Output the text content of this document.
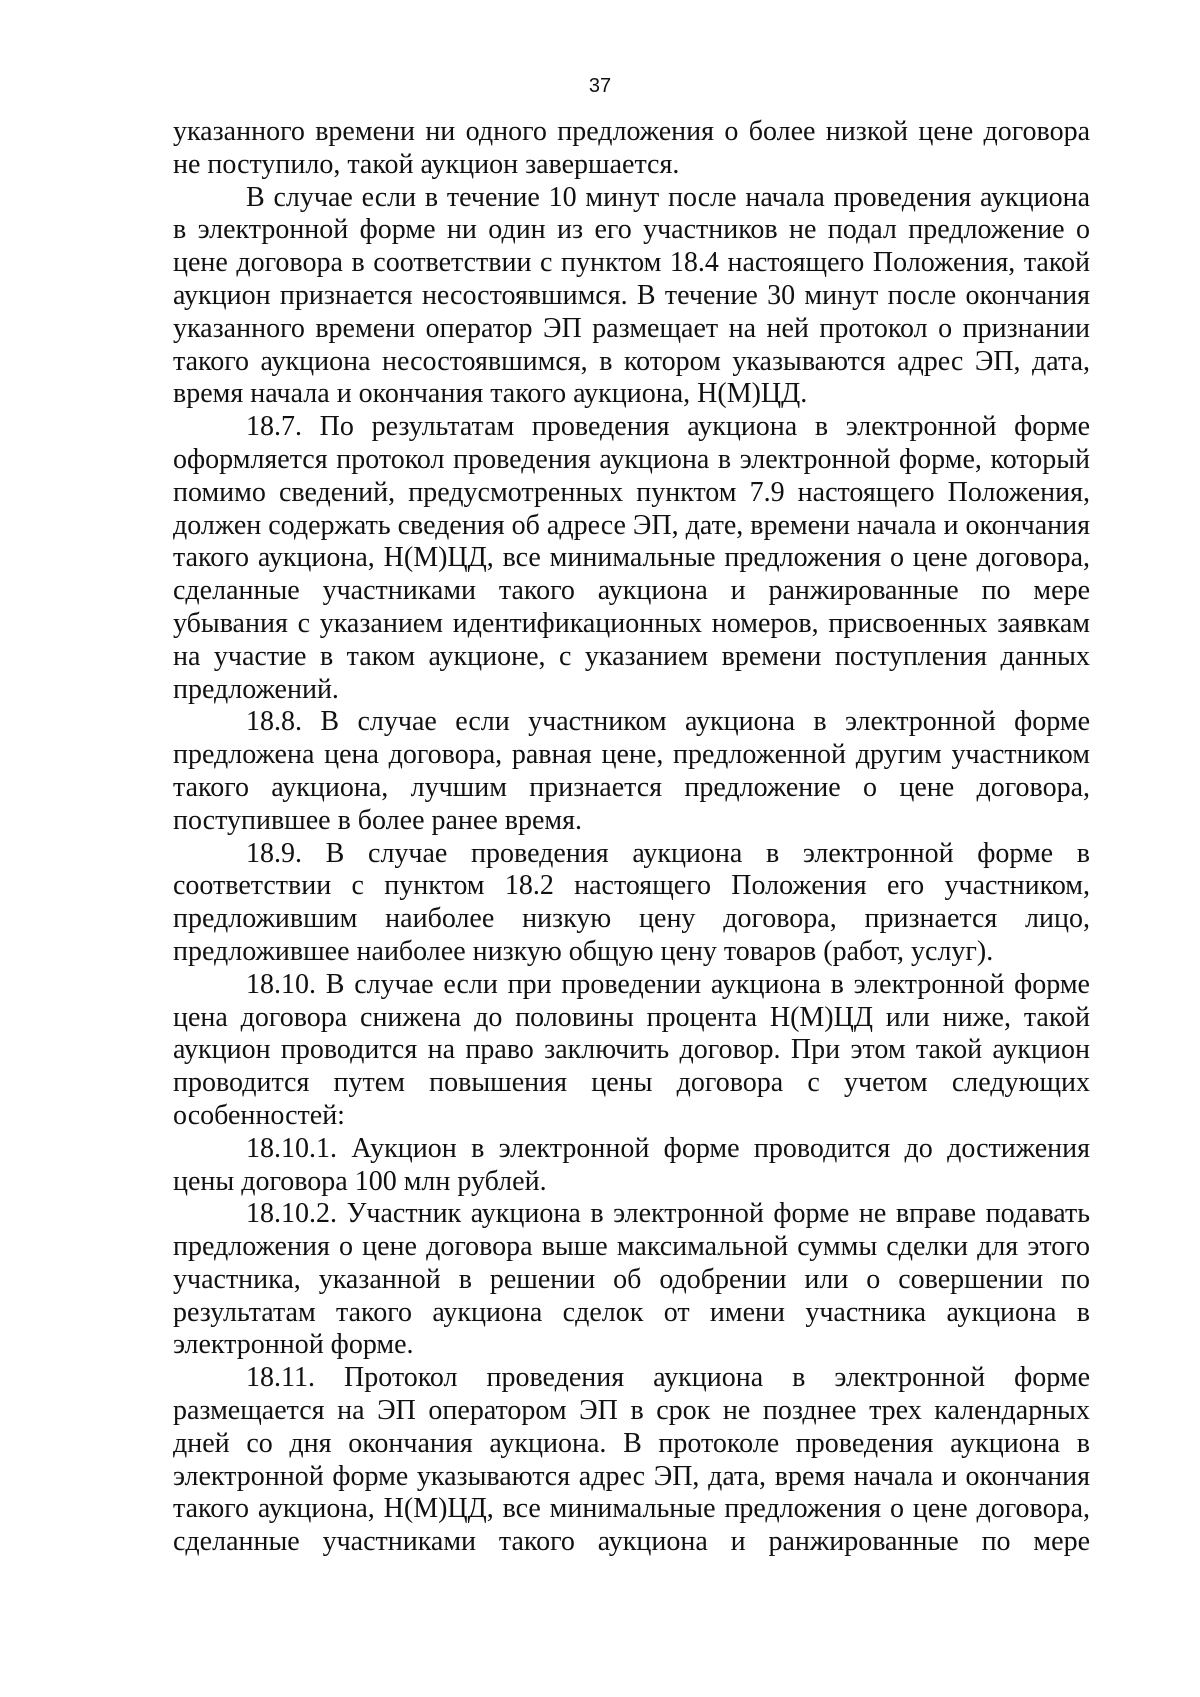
37

указанного времени ни одного предложения о более низкой цене договора не поступило, такой аукцион завершается.

В случае если в течение 10 минут после начала проведения аукциона в электронной форме ни один из его участников не подал предложение о цене договора в соответствии с пунктом 18.4 настоящего Положения, такой аукцион признается несостоявшимся. В течение 30 минут после окончания указанного времени оператор ЭП размещает на ней протокол о признании такого аукциона несостоявшимся, в котором указываются адрес ЭП, дата, время начала и окончания такого аукциона, Н(М)ЦД.

18.7. По результатам проведения аукциона в электронной форме оформляется протокол проведения аукциона в электронной форме, который помимо сведений, предусмотренных пунктом 7.9 настоящего Положения, должен содержать сведения об адресе ЭП, дате, времени начала и окончания такого аукциона, Н(М)ЦД, все минимальные предложения о цене договора, сделанные участниками такого аукциона и ранжированные по мере убывания с указанием идентификационных номеров, присвоенных заявкам на участие в таком аукционе, с указанием времени поступления данных предложений.

18.8. В случае если участником аукциона в электронной форме предложена цена договора, равная цене, предложенной другим участником такого аукциона, лучшим признается предложение о цене договора, поступившее в более ранее время.

18.9. В случае проведения аукциона в электронной форме в соответствии с пунктом 18.2 настоящего Положения его участником, предложившим наиболее низкую цену договора, признается лицо, предложившее наиболее низкую общую цену товаров (работ, услуг).

18.10. В случае если при проведении аукциона в электронной форме цена договора снижена до половины процента Н(М)ЦД или ниже, такой аукцион проводится на право заключить договор. При этом такой аукцион проводится путем повышения цены договора с учетом следующих особенностей:

18.10.1. Аукцион в электронной форме проводится до достижения цены договора 100 млн рублей.

18.10.2. Участник аукциона в электронной форме не вправе подавать предложения о цене договора выше максимальной суммы сделки для этого участника, указанной в решении об одобрении или о совершении по результатам такого аукциона сделок от имени участника аукциона в электронной форме.

18.11. Протокол проведения аукциона в электронной форме размещается на ЭП оператором ЭП в срок не позднее трех календарных дней со дня окончания аукциона. В протоколе проведения аукциона в электронной форме указываются адрес ЭП, дата, время начала и окончания такого аукциона, Н(М)ЦД, все минимальные предложения о цене договора, сделанные участниками такого аукциона и ранжированные по мере
